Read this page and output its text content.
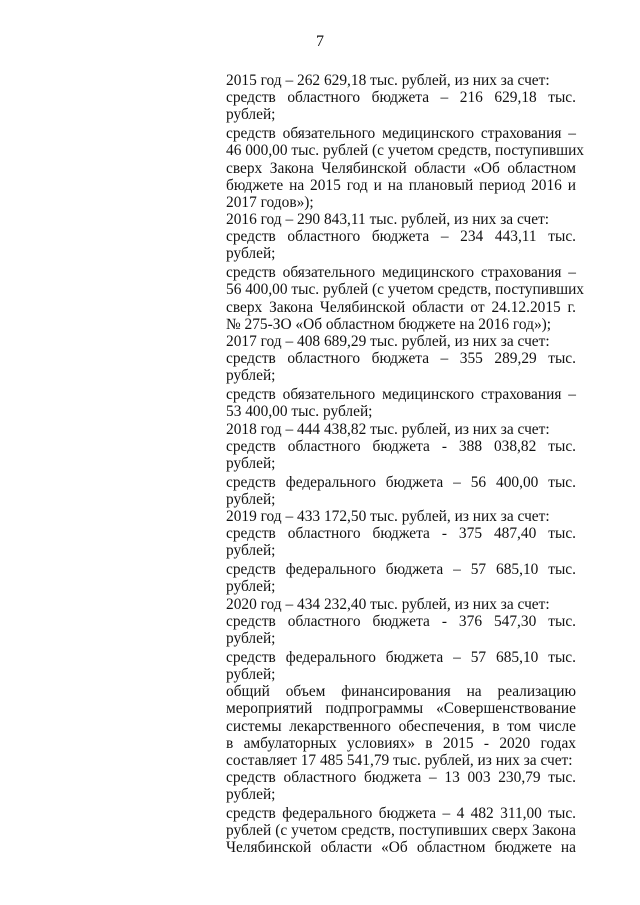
7
2015 год – 262 629,18 тыс. рублей, из них за счет:
средств областного бюджета – 216 629,18 тыс.
рублей;
средств обязательного медицинского страхования –
46 000,00 тыс. рублей (с учетом средств, поступивших
сверх Закона Челябинской области «Об областном
бюджете на 2015 год и на плановый период 2016 и
2017 годов»);
2016 год – 290 843,11 тыс. рублей, из них за счет:
средств областного бюджета – 234 443,11 тыс.
рублей;
средств обязательного медицинского страхования –
56 400,00 тыс. рублей (с учетом средств, поступивших
сверх Закона Челябинской области от 24.12.2015 г.
№ 275-ЗО «Об областном бюджете на 2016 год»);
2017 год – 408 689,29 тыс. рублей, из них за счет:
средств областного бюджета – 355 289,29 тыс.
рублей;
средств обязательного медицинского страхования –
53 400,00 тыс. рублей;
2018 год – 444 438,82 тыс. рублей, из них за счет:
средств областного бюджета - 388 038,82 тыс.
рублей;
средств федерального бюджета – 56 400,00 тыс.
рублей;
2019 год – 433 172,50 тыс. рублей, из них за счет:
средств областного бюджета - 375 487,40 тыс.
рублей;
средств федерального бюджета – 57 685,10 тыс.
рублей;
2020 год – 434 232,40 тыс. рублей, из них за счет:
средств областного бюджета - 376 547,30 тыс.
рублей;
средств федерального бюджета – 57 685,10 тыс.
рублей;
общий объем финансирования на реализацию
мероприятий подпрограммы «Совершенствование
системы лекарственного обеспечения, в том числе
в амбулаторных условиях» в 2015 - 2020 годах
составляет 17 485 541,79 тыс. рублей, из них за счет:
средств областного бюджета – 13 003 230,79 тыс.
рублей;
средств федерального бюджета – 4 482 311,00 тыс.
рублей (с учетом средств, поступивших сверх Закона
Челябинской области «Об областном бюджете на
